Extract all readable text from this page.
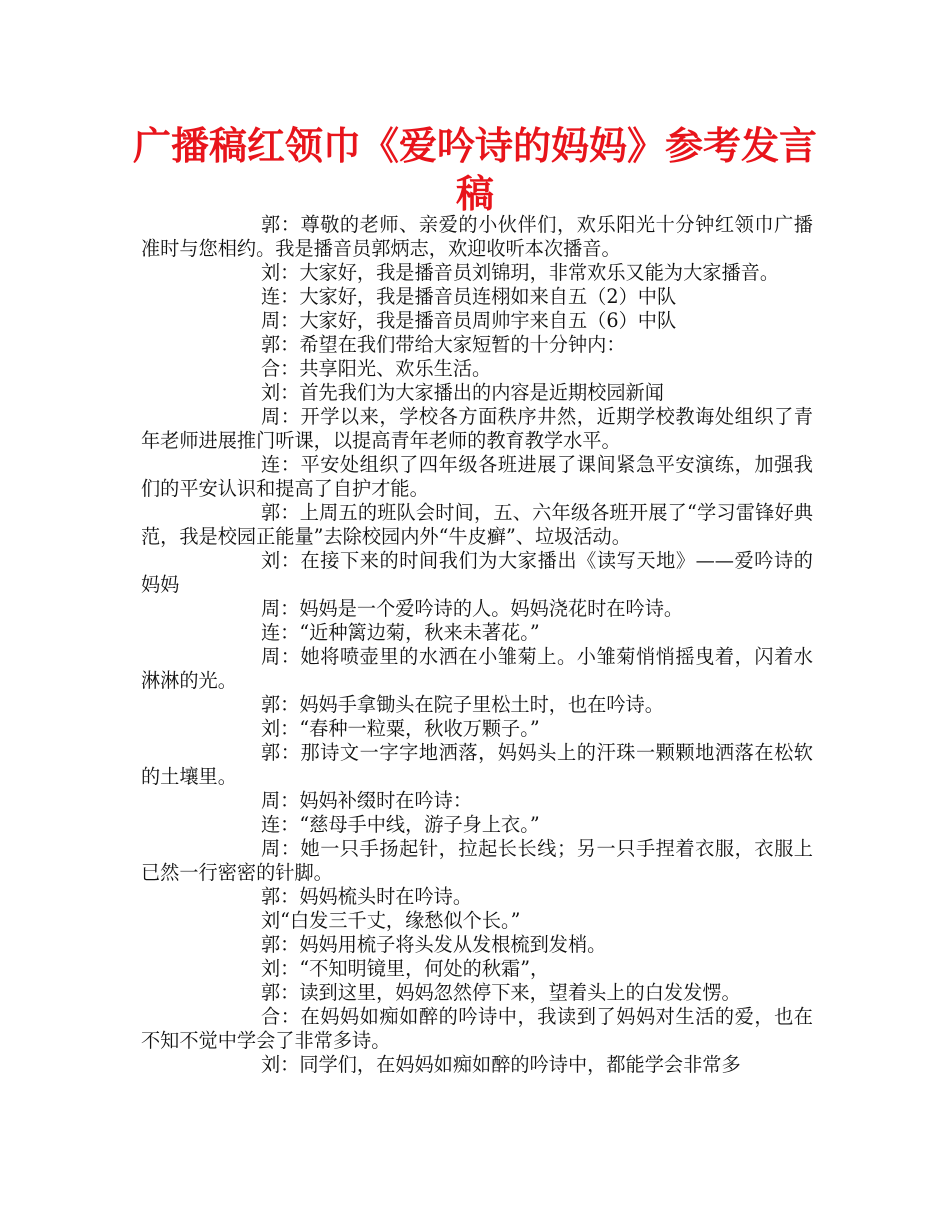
广播稿红领巾《爱吟诗的妈妈》参考发言稿

郭：尊敬的老师、亲爱的小伙伴们，欢乐阳光十分钟红领巾广播准时与您相约。我是播音员郭炳志，欢迎收听本次播音。

刘：大家好，我是播音员刘锦玥，非常欢乐又能为大家播音。

连：大家好，我是播音员连栩如来自五（2）中队

周：大家好，我是播音员周帅宇来自五（6）中队

郭：希望在我们带给大家短暂的十分钟内：

合：共享阳光、欢乐生活。

刘：首先我们为大家播出的内容是近期校园新闻

周：开学以来，学校各方面秩序井然，近期学校教诲处组织了青年老师进展推门听课，以提高青年老师的教育教学水平。

连：平安处组织了四年级各班进展了课间紧急平安演练，加强我们的平安认识和提高了自护才能。

郭：上周五的班队会时间，五、六年级各班开展了“学习雷锋好典范，我是校园正能量”去除校园内外“牛皮癣”、垃圾活动。

刘：在接下来的时间我们为大家播出《读写天地》——爱吟诗的妈妈

周：妈妈是一个爱吟诗的人。妈妈浇花时在吟诗。

连：“近种篱边菊，秋来未著花。”

周：她将喷壶里的水洒在小雏菊上。小雏菊悄悄摇曳着，闪着水淋淋的光。

郭：妈妈手拿锄头在院子里松土时，也在吟诗。

刘：“春种一粒粟，秋收万颗子。”

郭：那诗文一字字地洒落，妈妈头上的汗珠一颗颗地洒落在松软的土壤里。

周：妈妈补缀时在吟诗：

连：“慈母手中线，游子身上衣。”

周：她一只手扬起针，拉起长长线；另一只手捏着衣服，衣服上已然一行密密的针脚。

郭：妈妈梳头时在吟诗。

刘“白发三千丈，缘愁似个长。”

郭：妈妈用梳子将头发从发根梳到发梢。

刘：“不知明镜里，何处的秋霜”，

郭：读到这里，妈妈忽然停下来，望着头上的白发发愣。

合：在妈妈如痴如醉的吟诗中，我读到了妈妈对生活的爱，也在不知不觉中学会了非常多诗。

刘：同学们，在妈妈如痴如醉的吟诗中，都能学会非常多
